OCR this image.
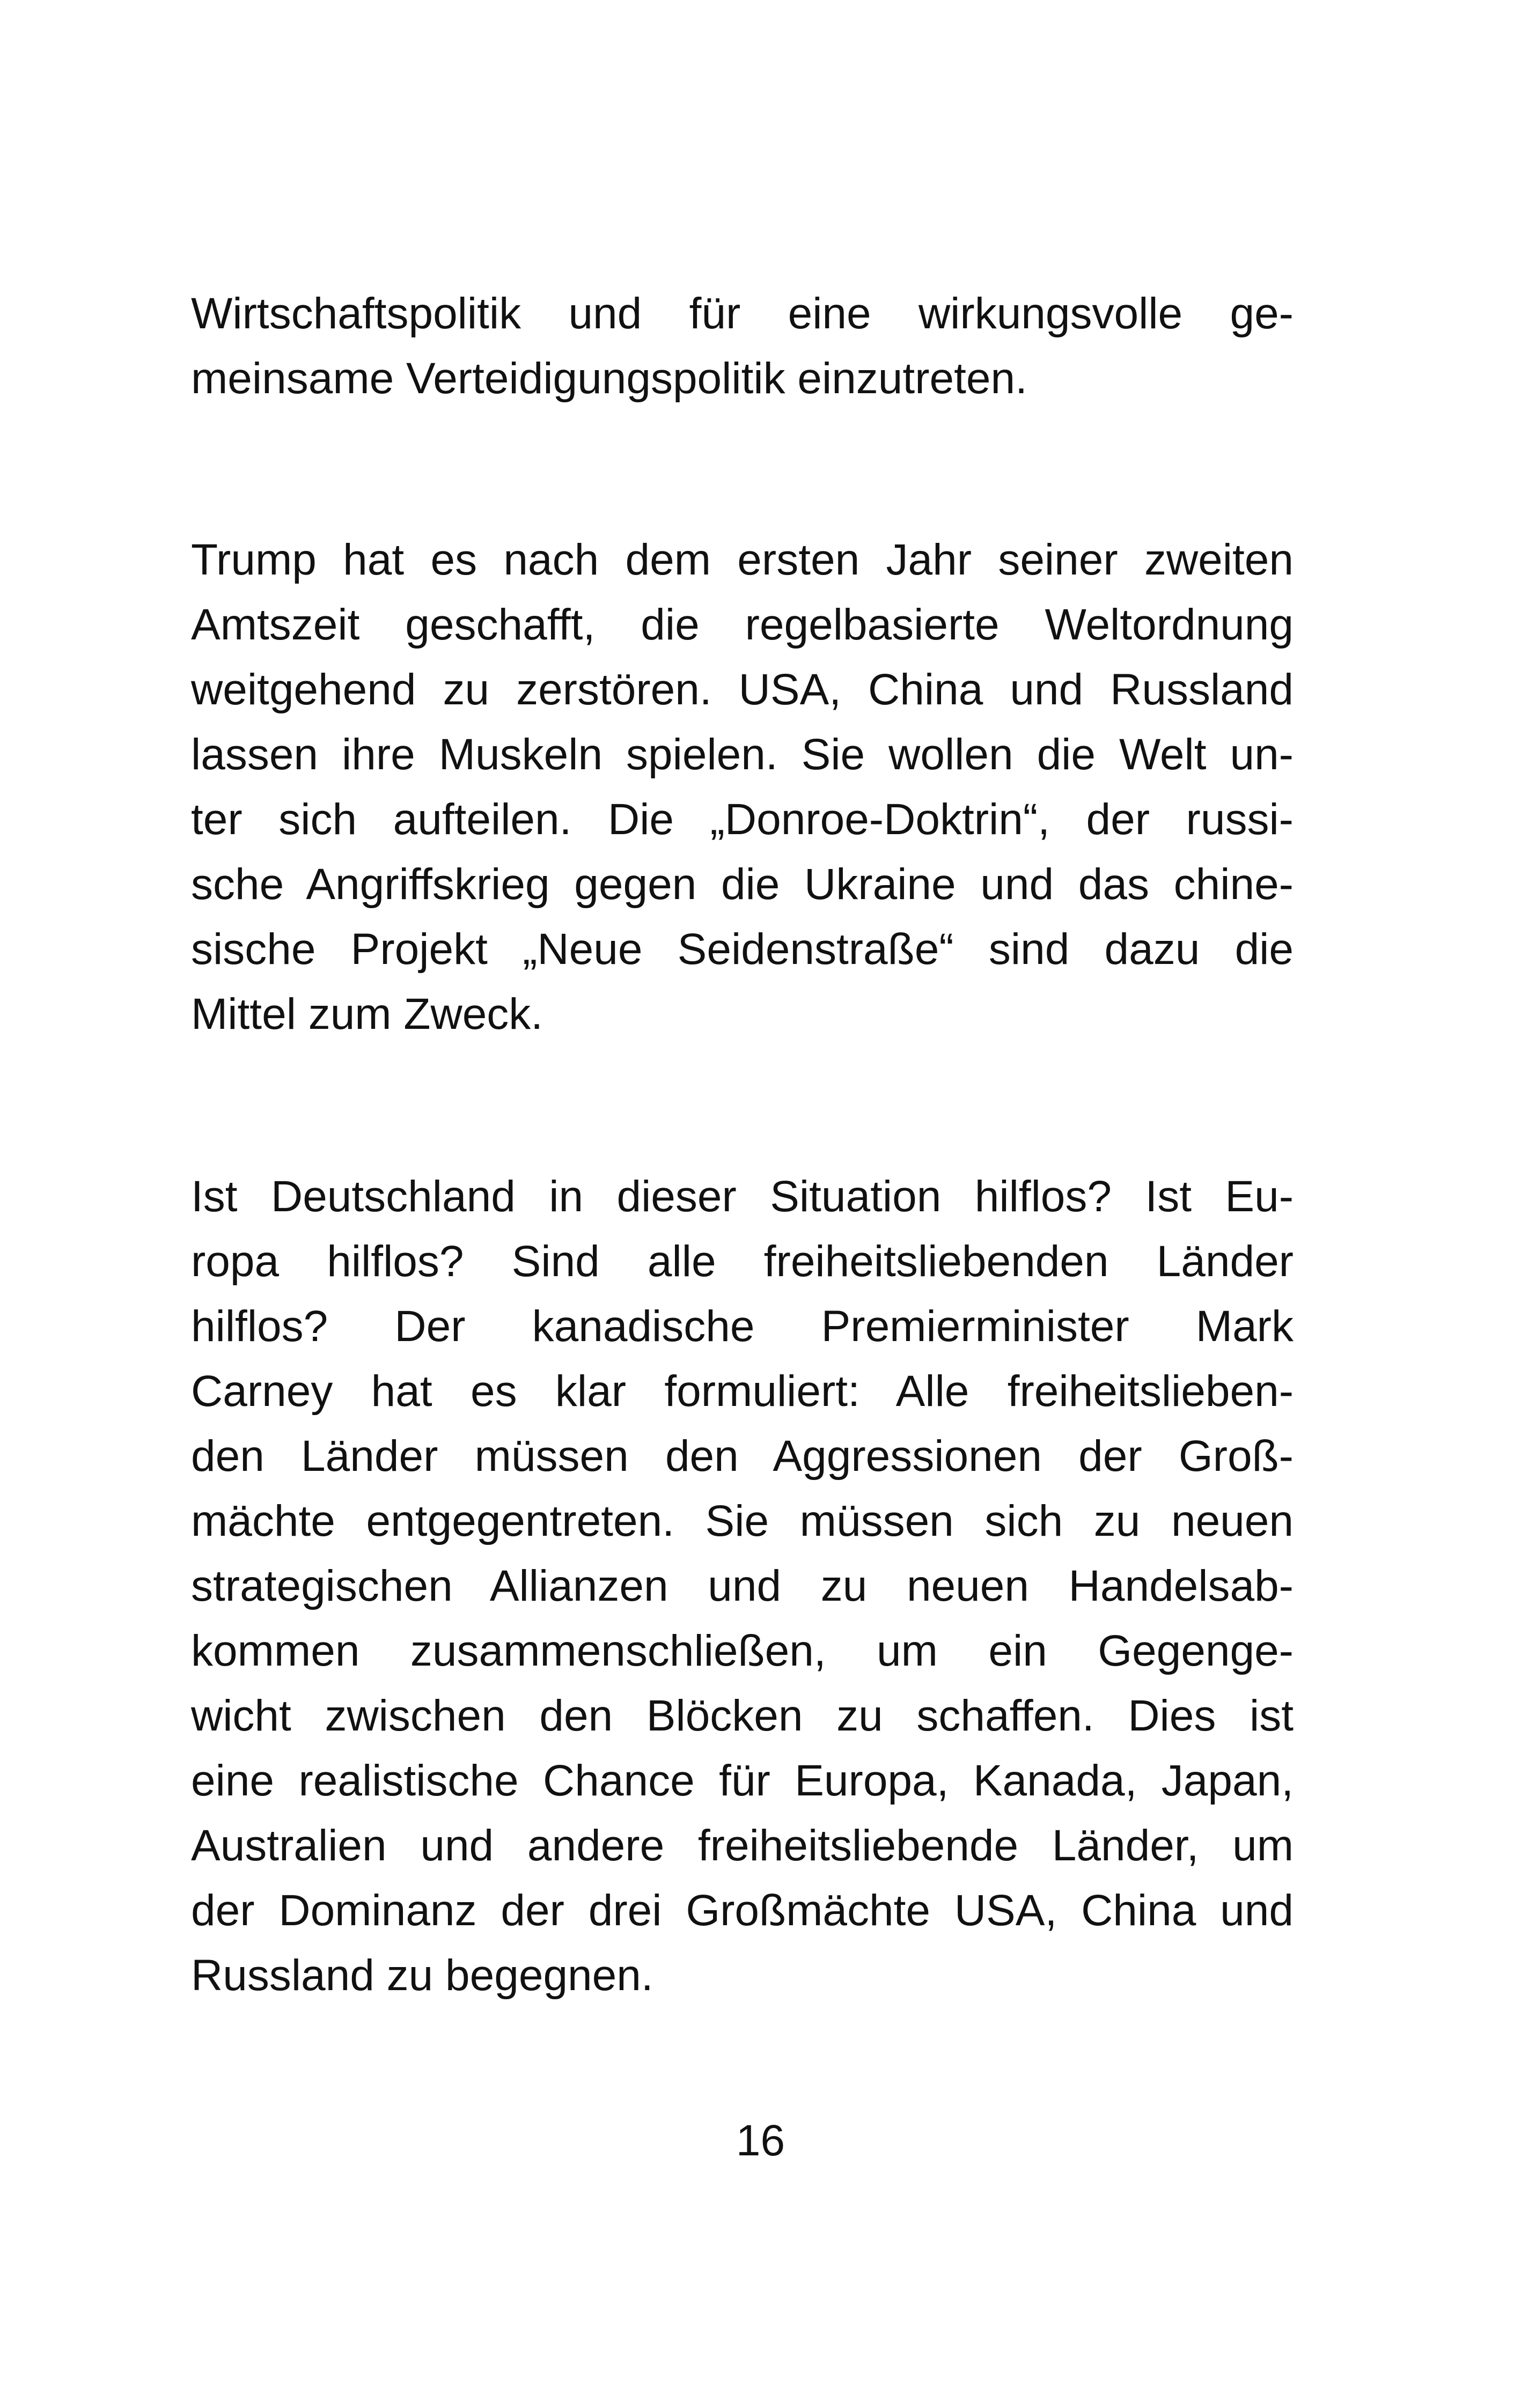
Wirtschaftspolitik und für eine wirkungsvolle ge-
meinsame Verteidigungspolitik einzutreten.

Trump hat es nach dem ersten Jahr seiner zweiten
Amtszeit geschafft, die regelbasierte Weltordnung
weitgehend zu zerstören. USA, China und Russland
lassen ihre Muskeln spielen. Sie wollen die Welt un-
ter sich aufteilen. Die „Donroe-Doktrin“, der russi-
sche Angriffskrieg gegen die Ukraine und das chine-
sische Projekt „Neue Seidenstraße“ sind dazu die
Mittel zum Zweck.

Ist Deutschland in dieser Situation hilflos? Ist Eu-
ropa hilflos? Sind alle freiheitsliebenden Länder
hilflos? Der kanadische Premierminister Mark
Carney hat es klar formuliert: Alle freiheitslieben-
den Länder müssen den Aggressionen der Groß-
mächte entgegentreten. Sie müssen sich zu neuen
strategischen Allianzen und zu neuen Handelsab-
kommen zusammenschließen, um ein Gegenge-
wicht zwischen den Blöcken zu schaffen. Dies ist
eine realistische Chance für Europa, Kanada, Japan,
Australien und andere freiheitsliebende Länder, um
der Dominanz der drei Großmächte USA, China und
Russland zu begegnen.

16
